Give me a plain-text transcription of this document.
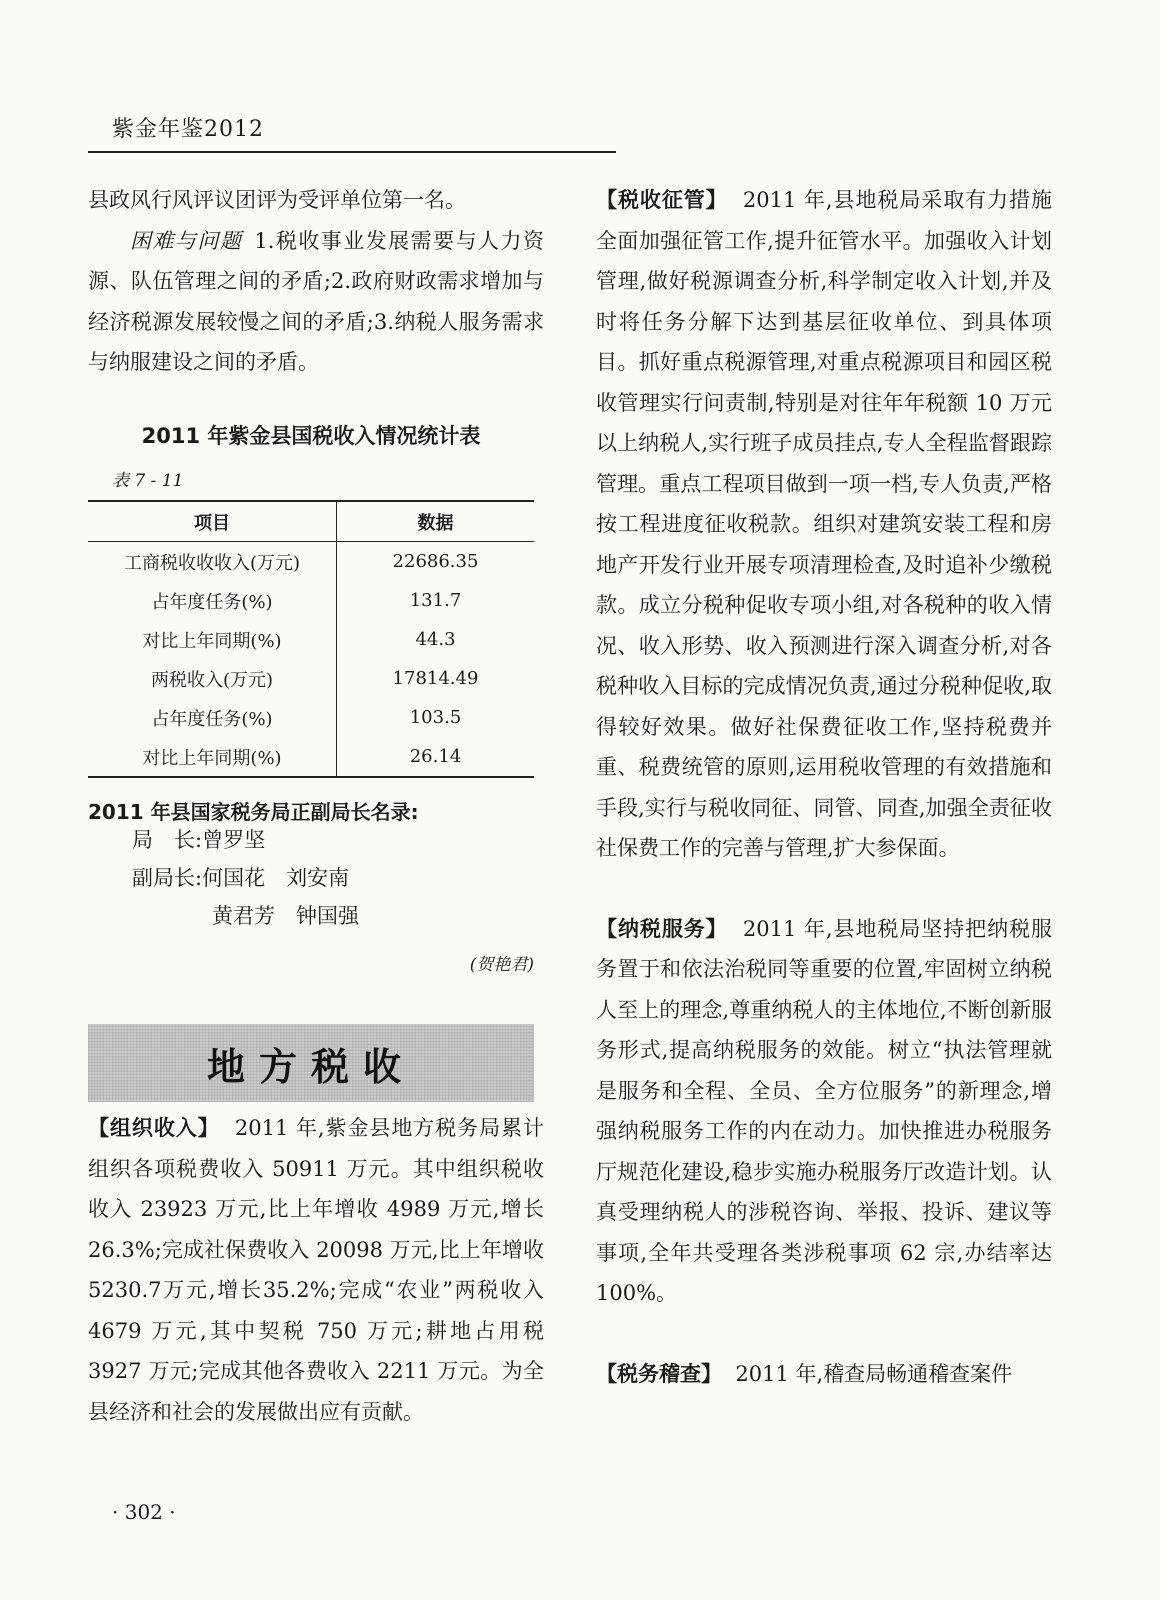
紫金年鉴2012

县政风行风评议团评为受评单位第一名。

困难与问题 1.税收事业发展需要与人力资源、队伍管理之间的矛盾;2.政府财政需求增加与经济税源发展较慢之间的矛盾;3.纳税人服务需求与纳服建设之间的矛盾。

2011 年紫金县国税收入情况统计表
表 7 - 11
项目	数据
工商税收收收入(万元)	22686.35
占年度任务(%)	131.7
对比上年同期(%)	44.3
两税收入(万元)	17814.49
占年度任务(%)	103.5
对比上年同期(%)	26.14
2011 年县国家税务局正副局长名录:
局　长:曾罗坚
副局长:何国花　刘安南
黄君芳　钟国强
(贺艳君)
地方税收

【组织收入】 2011 年,紫金县地方税务局累计组织各项税费收入 50911 万元。其中组织税收收入 23923 万元,比上年增收 4989 万元,增长26.3%;完成社保费收入 20098 万元,比上年增收5230.7万元,增长35.2%;完成“农业”两税收入 4679 万元,其中契税 750 万元;耕地占用税 3927 万元;完成其他各费收入 2211 万元。为全县经济和社会的发展做出应有贡献。

【税收征管】 2011 年,县地税局采取有力措施全面加强征管工作,提升征管水平。加强收入计划管理,做好税源调查分析,科学制定收入计划,并及时将任务分解下达到基层征收单位、到具体项目。抓好重点税源管理,对重点税源项目和园区税收管理实行问责制,特别是对往年年税额 10 万元以上纳税人,实行班子成员挂点,专人全程监督跟踪管理。重点工程项目做到一项一档,专人负责,严格按工程进度征收税款。组织对建筑安装工程和房地产开发行业开展专项清理检查,及时追补少缴税款。成立分税种促收专项小组,对各税种的收入情况、收入形势、收入预测进行深入调查分析,对各税种收入目标的完成情况负责,通过分税种促收,取得较好效果。做好社保费征收工作,坚持税费并重、税费统管的原则,运用税收管理的有效措施和手段,实行与税收同征、同管、同查,加强全责征收社保费工作的完善与管理,扩大参保面。

【纳税服务】 2011 年,县地税局坚持把纳税服务置于和依法治税同等重要的位置,牢固树立纳税人至上的理念,尊重纳税人的主体地位,不断创新服务形式,提高纳税服务的效能。树立“执法管理就是服务和全程、全员、全方位服务”的新理念,增强纳税服务工作的内在动力。加快推进办税服务厅规范化建设,稳步实施办税服务厅改造计划。认真受理纳税人的涉税咨询、举报、投诉、建议等事项,全年共受理各类涉税事项 62 宗,办结率达 100%。

【税务稽查】 2011 年,稽查局畅通稽查案件

· 302 ·
